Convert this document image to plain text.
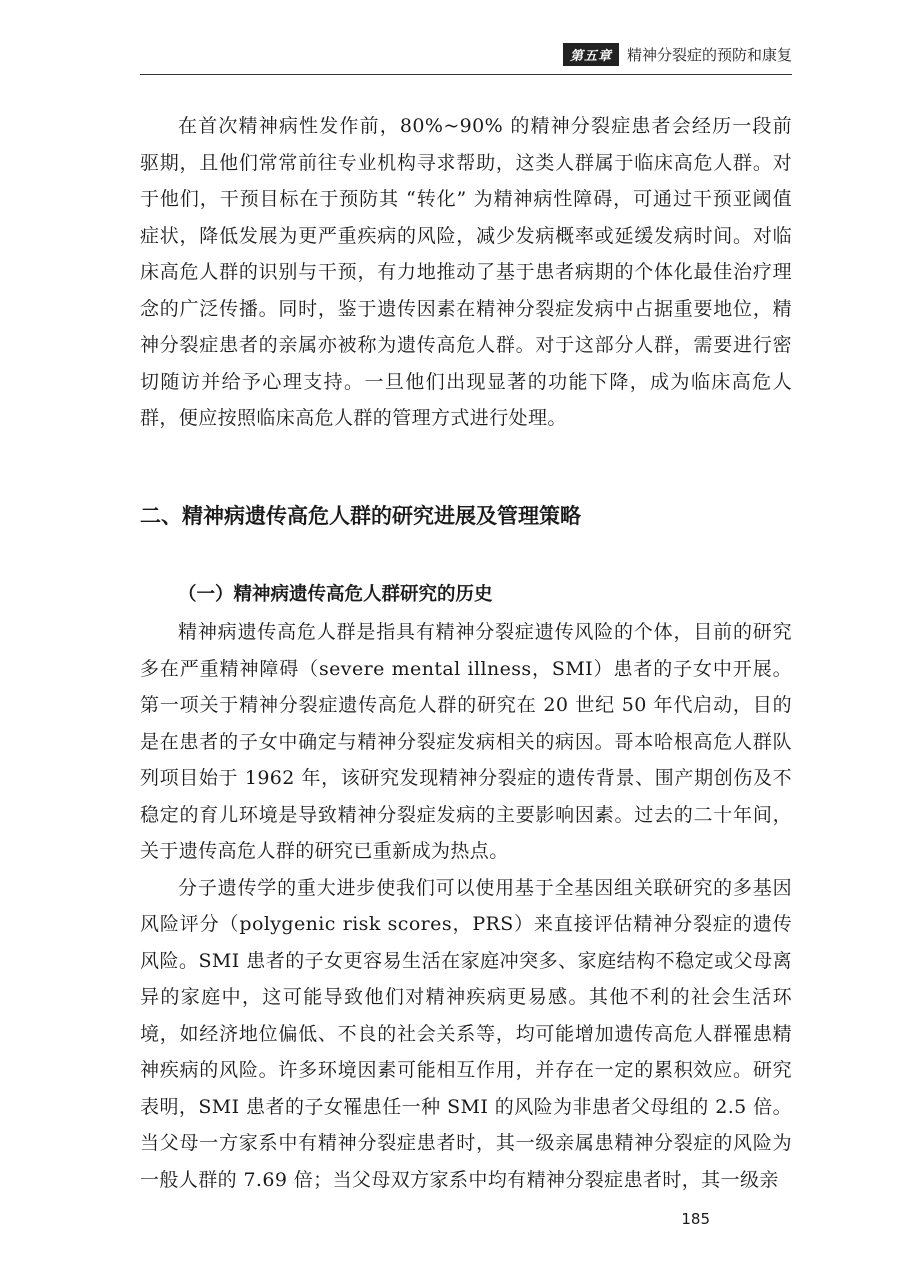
第五章	精神分裂症的预防和康复

在首次精神病性发作前，80%~90% 的精神分裂症患者会经历一段前驱期，且他们常常前往专业机构寻求帮助，这类人群属于临床高危人群。对于他们，干预目标在于预防其 “转化” 为精神病性障碍，可通过干预亚阈值症状，降低发展为更严重疾病的风险，减少发病概率或延缓发病时间。对临床高危人群的识别与干预，有力地推动了基于患者病期的个体化最佳治疗理念的广泛传播。同时，鉴于遗传因素在精神分裂症发病中占据重要地位，精神分裂症患者的亲属亦被称为遗传高危人群。对于这部分人群，需要进行密切随访并给予心理支持。一旦他们出现显著的功能下降，成为临床高危人群，便应按照临床高危人群的管理方式进行处理。

二、精神病遗传高危人群的研究进展及管理策略
（一）精神病遗传高危人群研究的历史

精神病遗传高危人群是指具有精神分裂症遗传风险的个体，目前的研究多在严重精神障碍（severe mental illness，SMI）患者的子女中开展。第一项关于精神分裂症遗传高危人群的研究在 20 世纪 50 年代启动，目的是在患者的子女中确定与精神分裂症发病相关的病因。哥本哈根高危人群队列项目始于 1962 年，该研究发现精神分裂症的遗传背景、围产期创伤及不稳定的育儿环境是导致精神分裂症发病的主要影响因素。过去的二十年间，关于遗传高危人群的研究已重新成为热点。

分子遗传学的重大进步使我们可以使用基于全基因组关联研究的多基因风险评分（polygenic risk scores，PRS）来直接评估精神分裂症的遗传风险。SMI 患者的子女更容易生活在家庭冲突多、家庭结构不稳定或父母离异的家庭中，这可能导致他们对精神疾病更易感。其他不利的社会生活环境，如经济地位偏低、不良的社会关系等，均可能增加遗传高危人群罹患精神疾病的风险。许多环境因素可能相互作用，并存在一定的累积效应。研究表明，SMI 患者的子女罹患任一种 SMI 的风险为非患者父母组的 2.5 倍。当父母一方家系中有精神分裂症患者时，其一级亲属患精神分裂症的风险为一般人群的 7.69 倍；当父母双方家系中均有精神分裂症患者时，其一级亲

185
